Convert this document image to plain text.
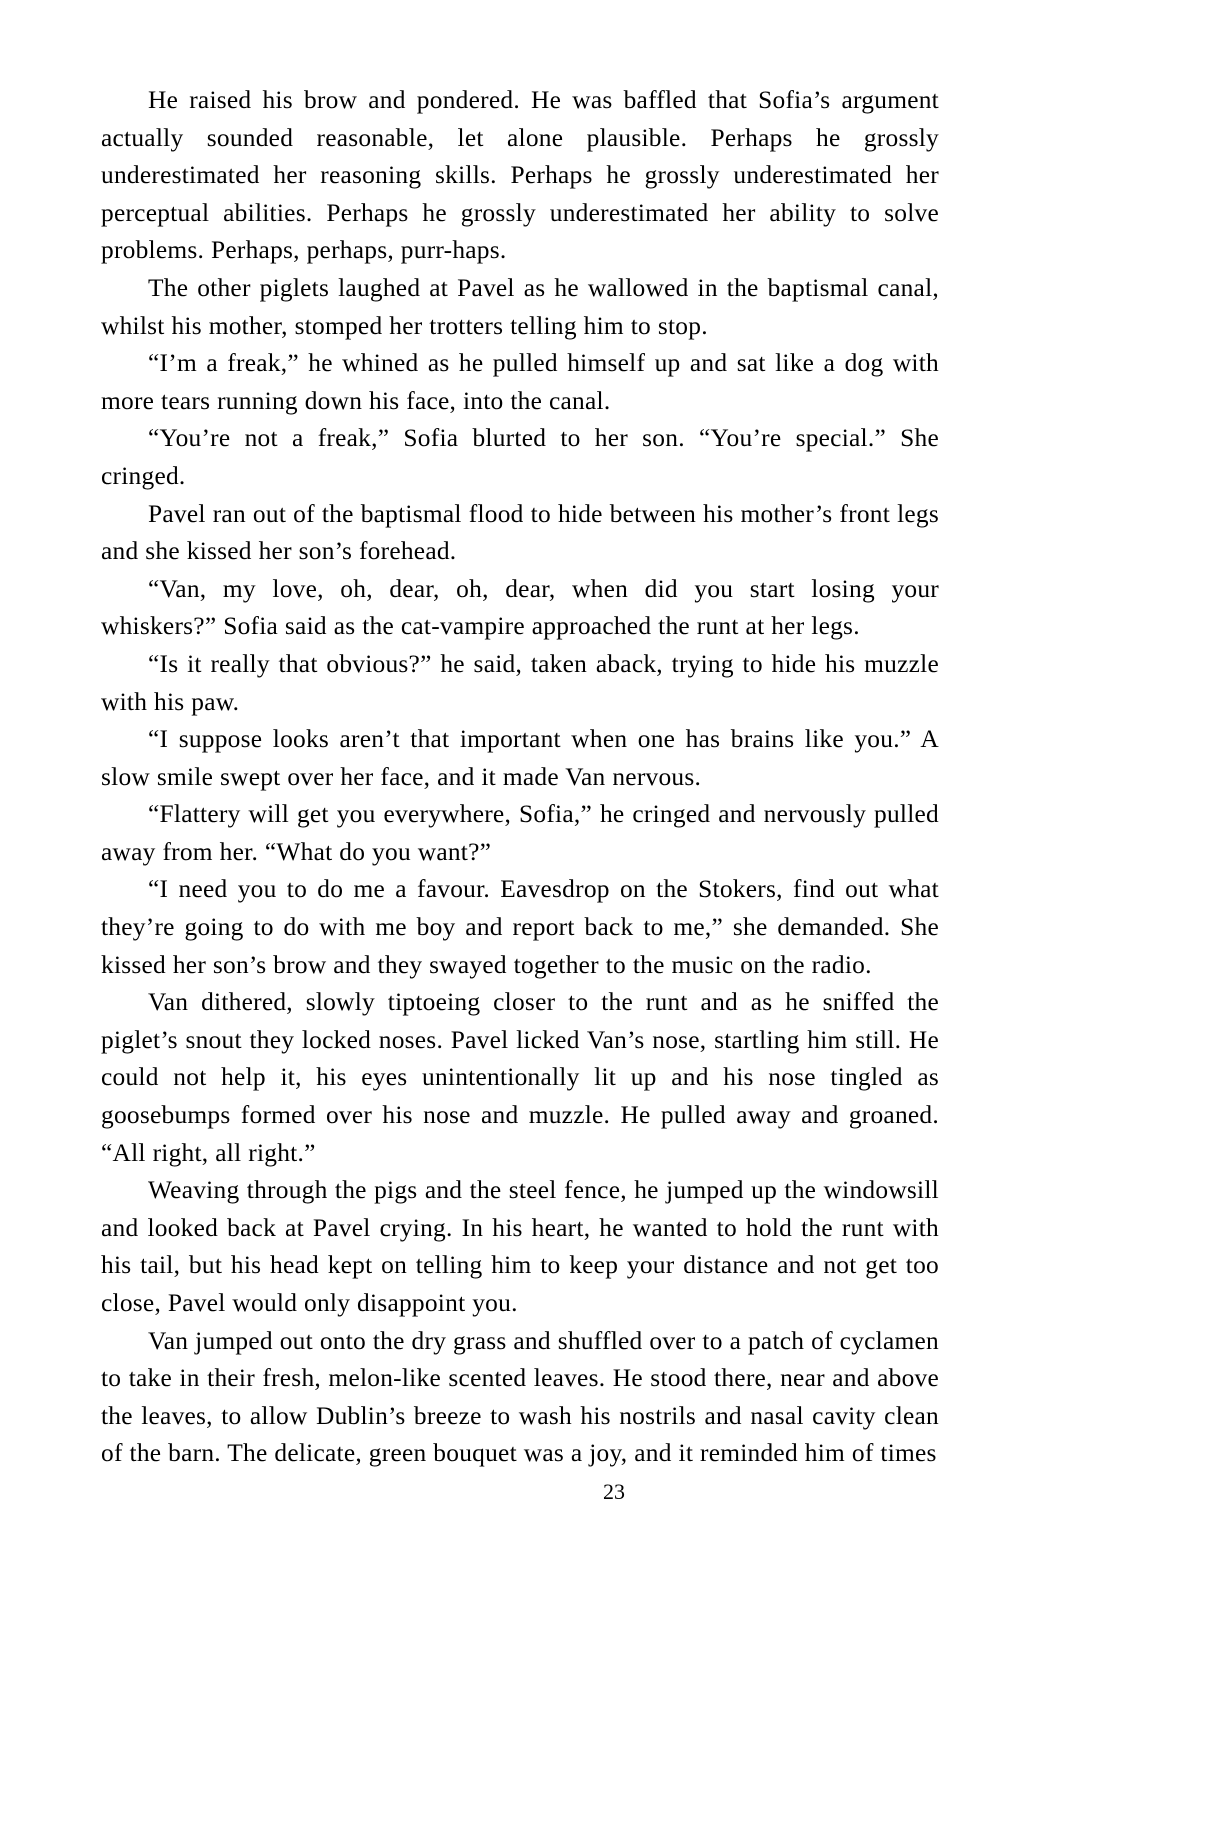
He raised his brow and pondered. He was baffled that Sofia’s argument actually sounded reasonable, let alone plausible. Perhaps he grossly underestimated her reasoning skills. Perhaps he grossly underestimated her perceptual abilities. Perhaps he grossly underestimated her ability to solve problems. Perhaps, perhaps, purr-haps.

The other piglets laughed at Pavel as he wallowed in the baptismal canal, whilst his mother, stomped her trotters telling him to stop.

“I’m a freak,” he whined as he pulled himself up and sat like a dog with more tears running down his face, into the canal.

“You’re not a freak,” Sofia blurted to her son. “You’re special.” She cringed.

Pavel ran out of the baptismal flood to hide between his mother’s front legs and she kissed her son’s forehead.

“Van, my love, oh, dear, oh, dear, when did you start losing your whiskers?” Sofia said as the cat-vampire approached the runt at her legs.

“Is it really that obvious?” he said, taken aback, trying to hide his muzzle with his paw.

“I suppose looks aren’t that important when one has brains like you.” A slow smile swept over her face, and it made Van nervous.

“Flattery will get you everywhere, Sofia,” he cringed and nervously pulled away from her. “What do you want?”

“I need you to do me a favour. Eavesdrop on the Stokers, find out what they’re going to do with me boy and report back to me,” she demanded. She kissed her son’s brow and they swayed together to the music on the radio.

Van dithered, slowly tiptoeing closer to the runt and as he sniffed the piglet’s snout they locked noses. Pavel licked Van’s nose, startling him still. He could not help it, his eyes unintentionally lit up and his nose tingled as goosebumps formed over his nose and muzzle. He pulled away and groaned. “All right, all right.”

Weaving through the pigs and the steel fence, he jumped up the windowsill and looked back at Pavel crying. In his heart, he wanted to hold the runt with his tail, but his head kept on telling him to keep your distance and not get too close, Pavel would only disappoint you.

Van jumped out onto the dry grass and shuffled over to a patch of cyclamen to take in their fresh, melon-like scented leaves. He stood there, near and above the leaves, to allow Dublin’s breeze to wash his nostrils and nasal cavity clean of the barn. The delicate, green bouquet was a joy, and it reminded him of times

23
